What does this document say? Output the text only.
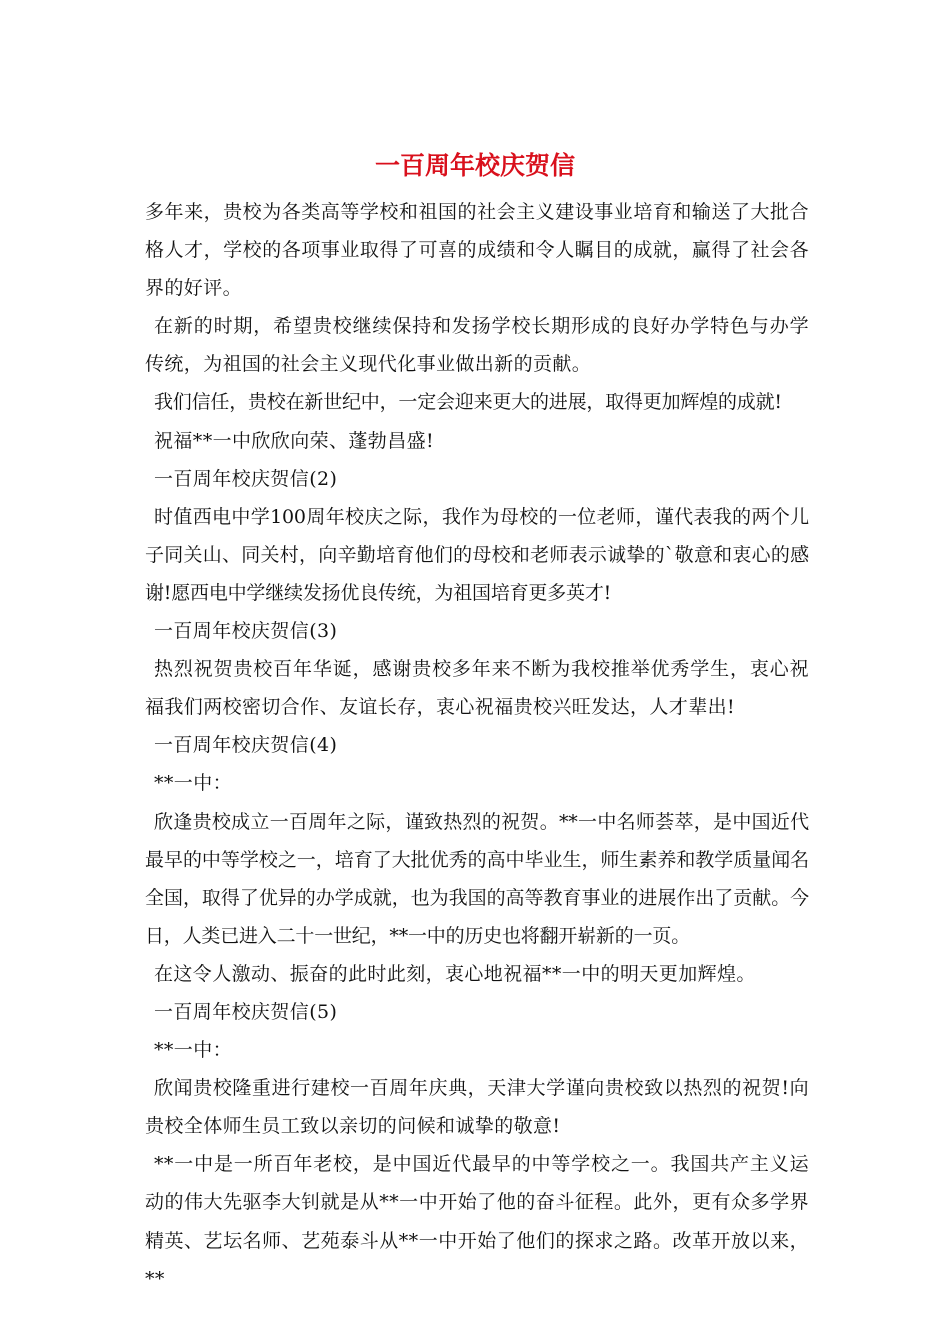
一百周年校庆贺信

多年来，贵校为各类高等学校和祖国的社会主义建设事业培育和输送了大批合格人才，学校的各项事业取得了可喜的成绩和令人瞩目的成就，赢得了社会各界的好评。

在新的时期，希望贵校继续保持和发扬学校长期形成的良好办学特色与办学传统，为祖国的社会主义现代化事业做出新的贡献。

我们信任，贵校在新世纪中，一定会迎来更大的进展，取得更加辉煌的成就!

祝福**一中欣欣向荣、蓬勃昌盛!

一百周年校庆贺信(2)

时值西电中学100周年校庆之际，我作为母校的一位老师，谨代表我的两个儿子同关山、同关村，向辛勤培育他们的母校和老师表示诚挚的`敬意和衷心的感谢!愿西电中学继续发扬优良传统，为祖国培育更多英才!

一百周年校庆贺信(3)

热烈祝贺贵校百年华诞，感谢贵校多年来不断为我校推举优秀学生，衷心祝福我们两校密切合作、友谊长存，衷心祝福贵校兴旺发达，人才辈出!

一百周年校庆贺信(4)

**一中：

欣逢贵校成立一百周年之际，谨致热烈的祝贺。**一中名师荟萃，是中国近代最早的中等学校之一，培育了大批优秀的高中毕业生，师生素养和教学质量闻名全国，取得了优异的办学成就，也为我国的高等教育事业的进展作出了贡献。今日，人类已进入二十一世纪，**一中的历史也将翻开崭新的一页。

在这令人激动、振奋的此时此刻，衷心地祝福**一中的明天更加辉煌。

一百周年校庆贺信(5)

**一中：

欣闻贵校隆重进行建校一百周年庆典，天津大学谨向贵校致以热烈的祝贺!向贵校全体师生员工致以亲切的问候和诚挚的敬意!

**一中是一所百年老校，是中国近代最早的中等学校之一。我国共产主义运动的伟大先驱李大钊就是从**一中开始了他的奋斗征程。此外，更有众多学界精英、艺坛名师、艺苑泰斗从**一中开始了他们的探求之路。改革开放以来，**
